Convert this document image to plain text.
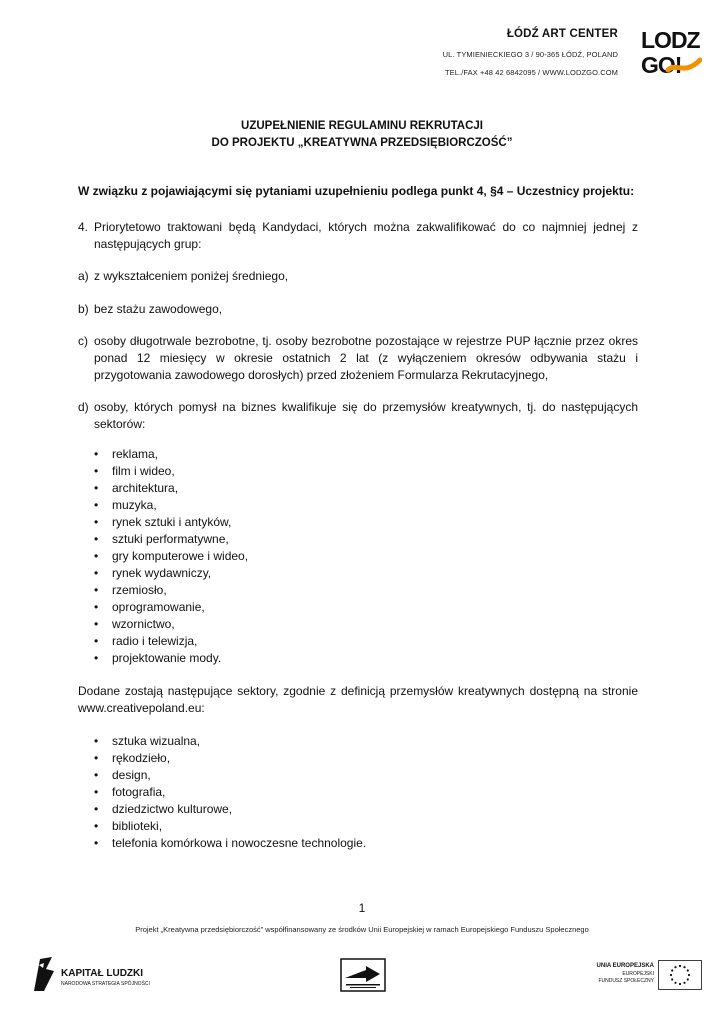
ŁÓDŹ ART CENTER
UL. TYMIENIECKIEGO 3 / 90-365 ŁÓDŹ, POLAND
TEL./FAX +48 42 6842095 / WWW.LODZGO.COM
LODZ
GO!
UZUPEŁNIENIE REGULAMINU REKRUTACJI
DO PROJEKTU „KREATYWNA PRZEDSIĘBIORCZOŚĆ”
W związku z pojawiającymi się pytaniami uzupełnieniu podlega punkt 4, §4 – Uczestnicy projektu:
4. Priorytetowo traktowani będą Kandydaci, których można zakwalifikować do co najmniej jednej z następujących grup:
a) z wykształceniem poniżej średniego,
b) bez stażu zawodowego,
c) osoby długotrwale bezrobotne, tj. osoby bezrobotne pozostające w rejestrze PUP łącznie przez okres ponad 12 miesięcy w okresie ostatnich 2 lat (z wyłączeniem okresów odbywania stażu i przygotowania zawodowego dorosłych) przed złożeniem Formularza Rekrutacyjnego,
d) osoby, których pomysł na biznes kwalifikuje się do przemysłów kreatywnych, tj. do następujących sektorów:
• reklama,
• film i wideo,
• architektura,
• muzyka,
• rynek sztuki i antyków,
• sztuki performatywne,
• gry komputerowe i wideo,
• rynek wydawniczy,
• rzemiosło,
• oprogramowanie,
• wzornictwo,
• radio i telewizja,
• projektowanie mody.
Dodane zostają następujące sektory, zgodnie z definicją przemysłów kreatywnych dostępną na stronie www.creativepoland.eu:
• sztuka wizualna,
• rękodzieło,
• design,
• fotografia,
• dziedzictwo kulturowe,
• biblioteki,
• telefonia komórkowa i nowoczesne technologie.
1
Projekt „Kreatywna przedsiębiorczość” współfinansowany ze środków Unii Europejskiej w ramach Europejskiego Funduszu Społecznego
KAPITAŁ LUDZKI
NARODOWA STRATEGIA SPÓJNOŚCI
UNIA EUROPEJSKA
EUROPEJSKI
FUNDUSZ SPOŁECZNY
